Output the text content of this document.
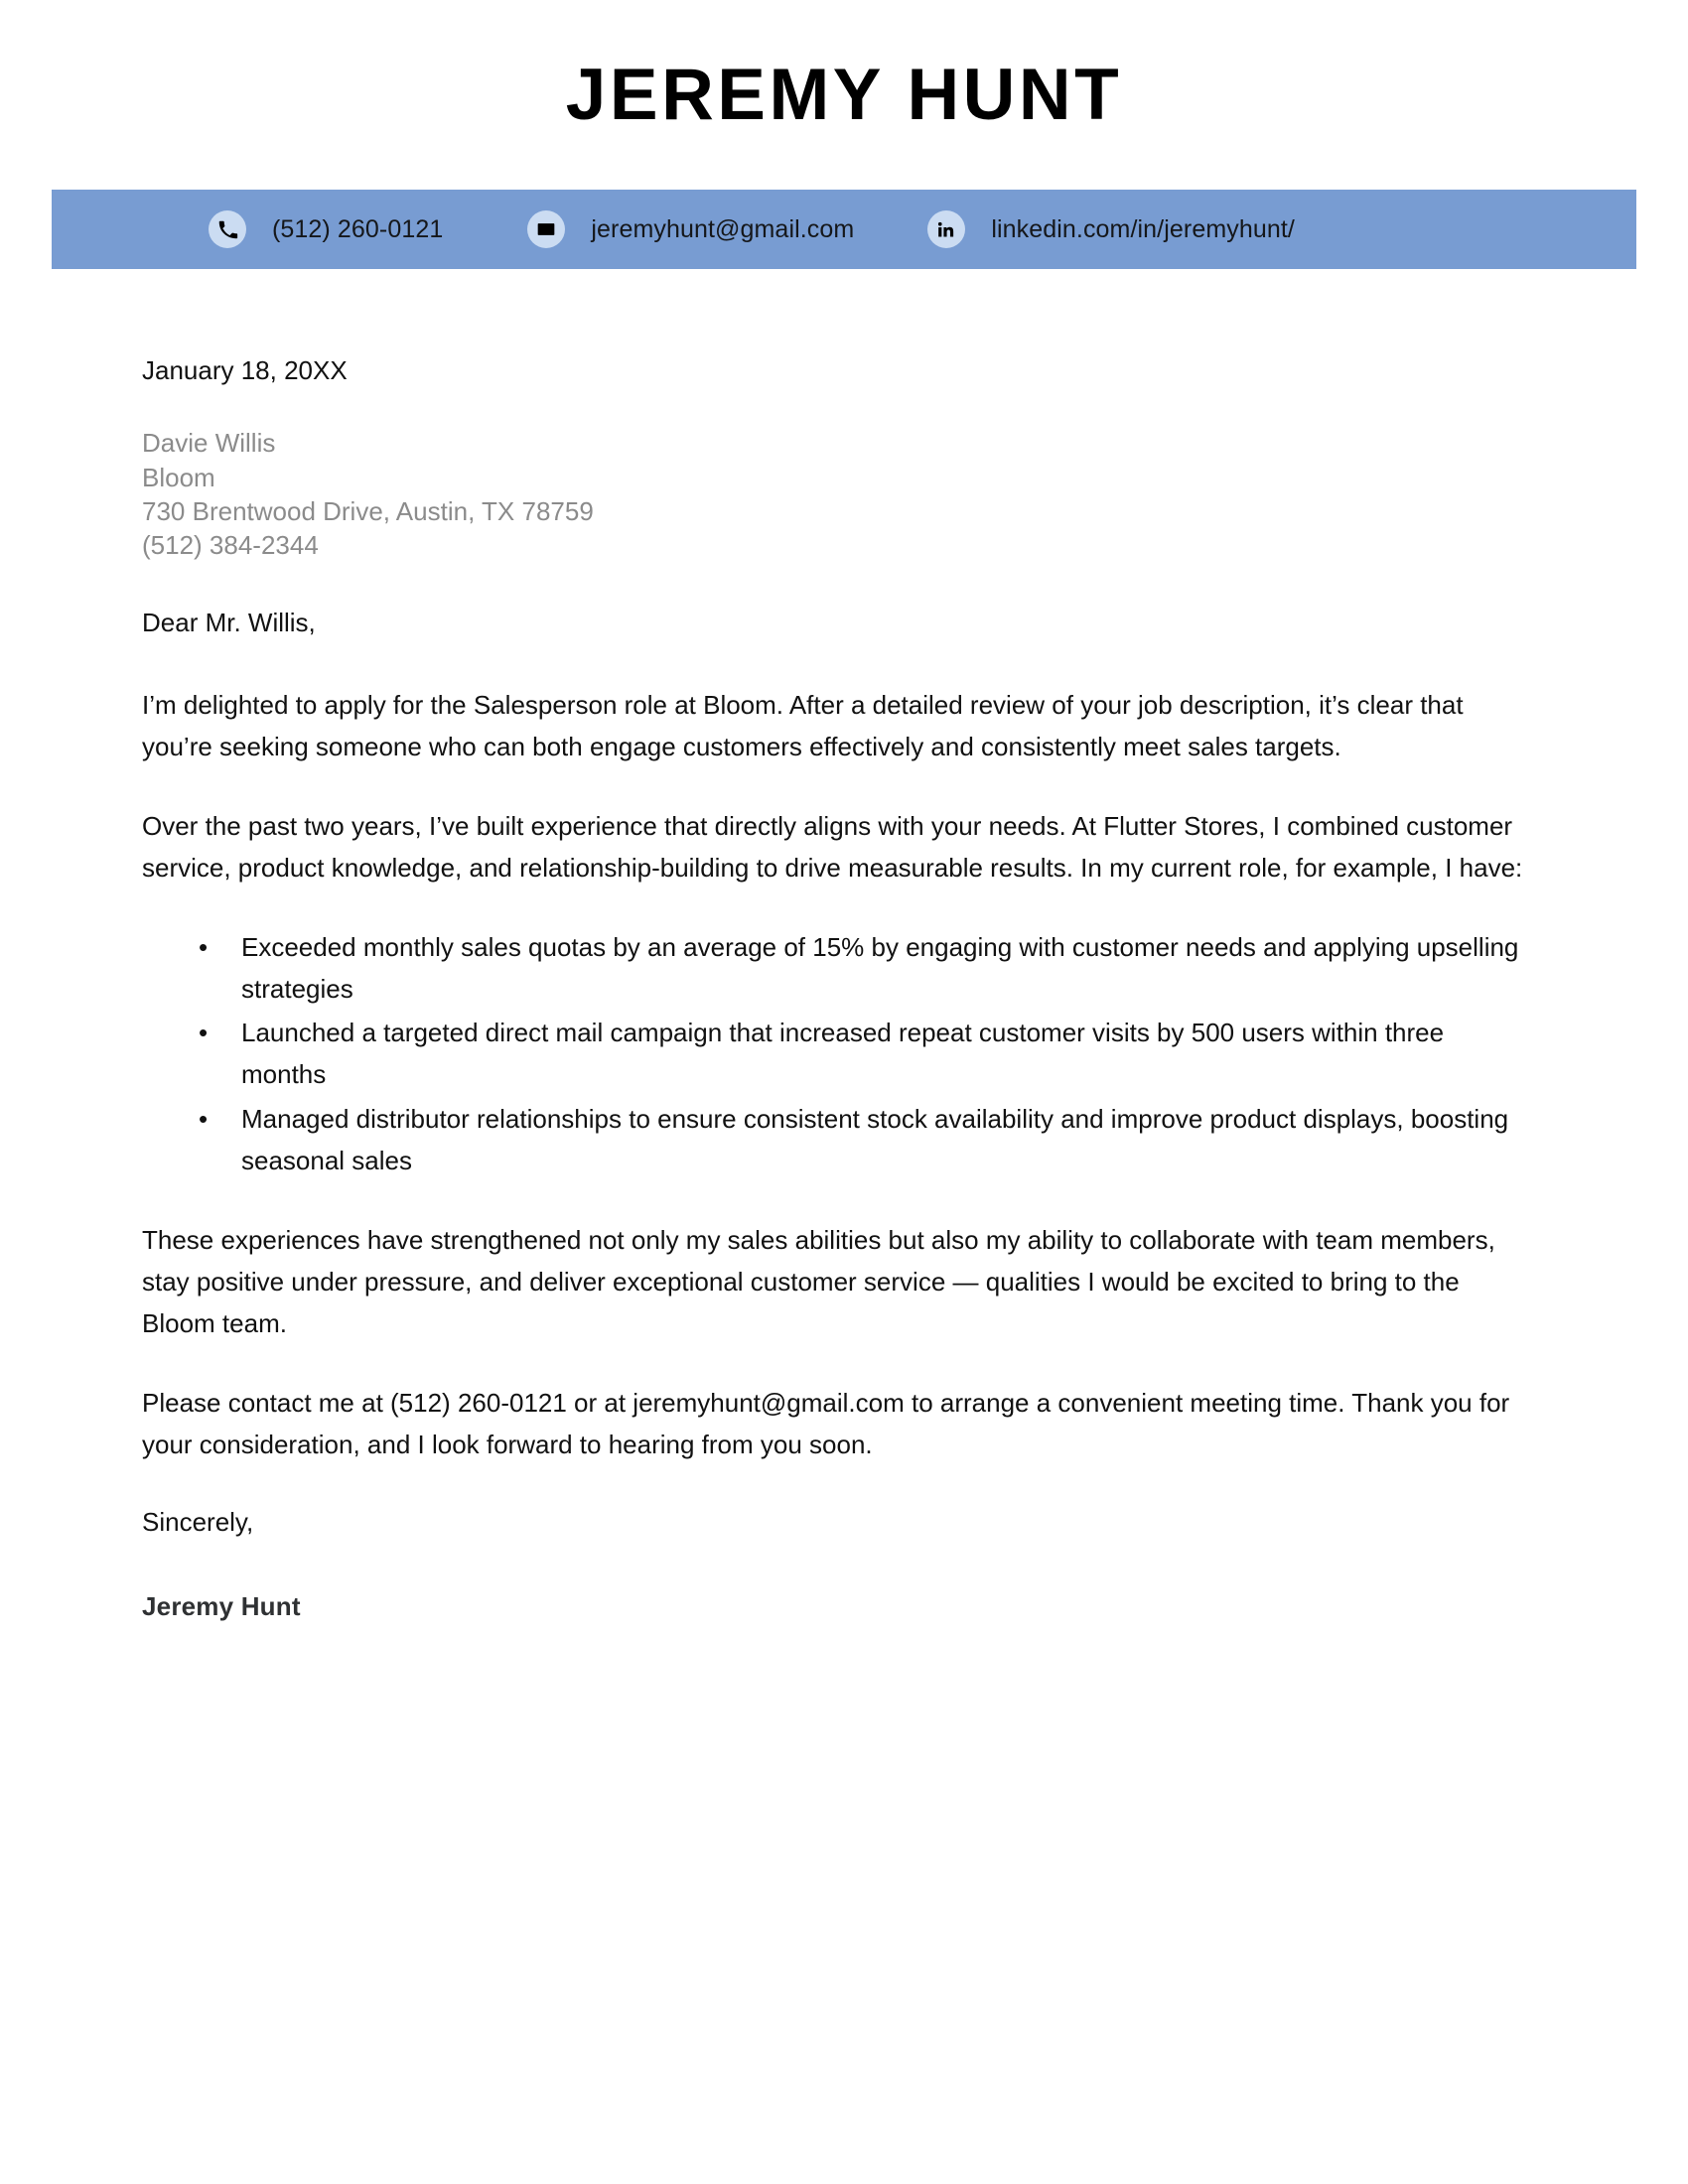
JEREMY HUNT
(512) 260-0121	jeremyhunt@gmail.com	linkedin.com/in/jeremyhunt/
January 18, 20XX
Davie Willis
Bloom
730 Brentwood Drive, Austin, TX 78759
(512) 384-2344
Dear Mr. Willis,

I’m delighted to apply for the Salesperson role at Bloom. After a detailed review of your job description, it’s clear that you’re seeking someone who can both engage customers effectively and consistently meet sales targets.

Over the past two years, I’ve built experience that directly aligns with your needs. At Flutter Stores, I combined customer service, product knowledge, and relationship-building to drive measurable results. In my current role, for example, I have:

• Exceeded monthly sales quotas by an average of 15% by engaging with customer needs and applying upselling strategies
• Launched a targeted direct mail campaign that increased repeat customer visits by 500 users within three months
• Managed distributor relationships to ensure consistent stock availability and improve product displays, boosting seasonal sales

These experiences have strengthened not only my sales abilities but also my ability to collaborate with team members, stay positive under pressure, and deliver exceptional customer service — qualities I would be excited to bring to the Bloom team.

Please contact me at (512) 260-0121 or at jeremyhunt@gmail.com to arrange a convenient meeting time. Thank you for your consideration, and I look forward to hearing from you soon.

Sincerely,
Jeremy Hunt
